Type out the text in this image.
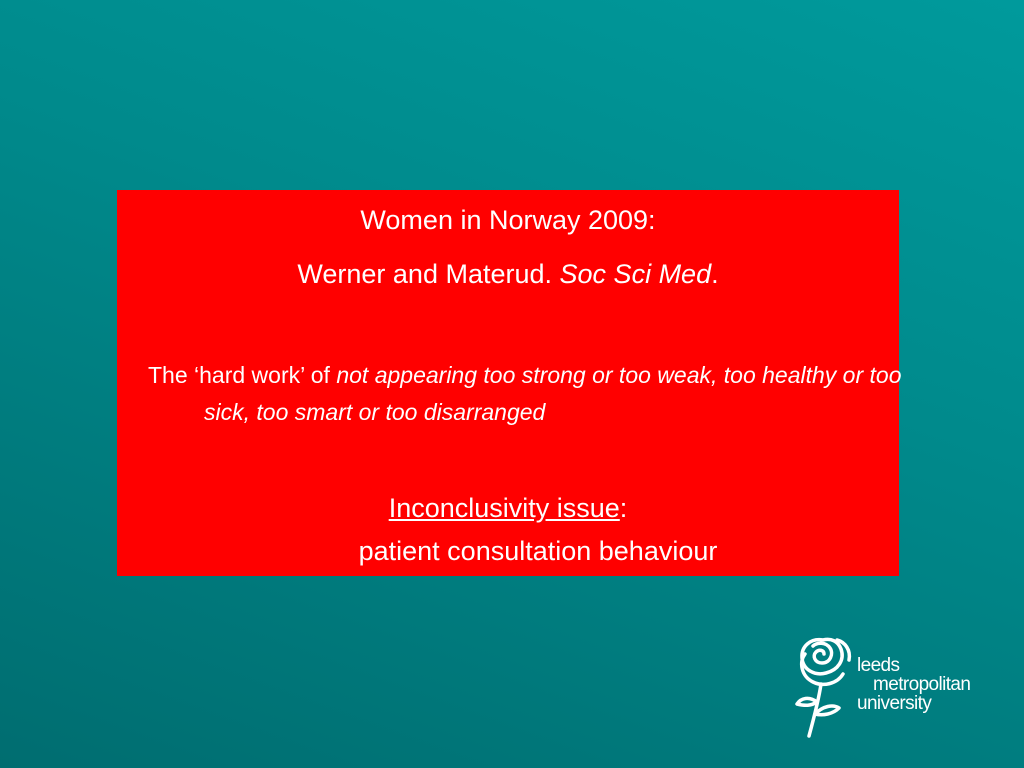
Women in Norway 2009:
Werner and Materud. Soc Sci Med.
The ‘hard work’ of not appearing too strong or too weak, too healthy or too sick, too smart or too disarranged
Inconclusivity issue:
patient consultation behaviour
leeds
metropolitan
university
